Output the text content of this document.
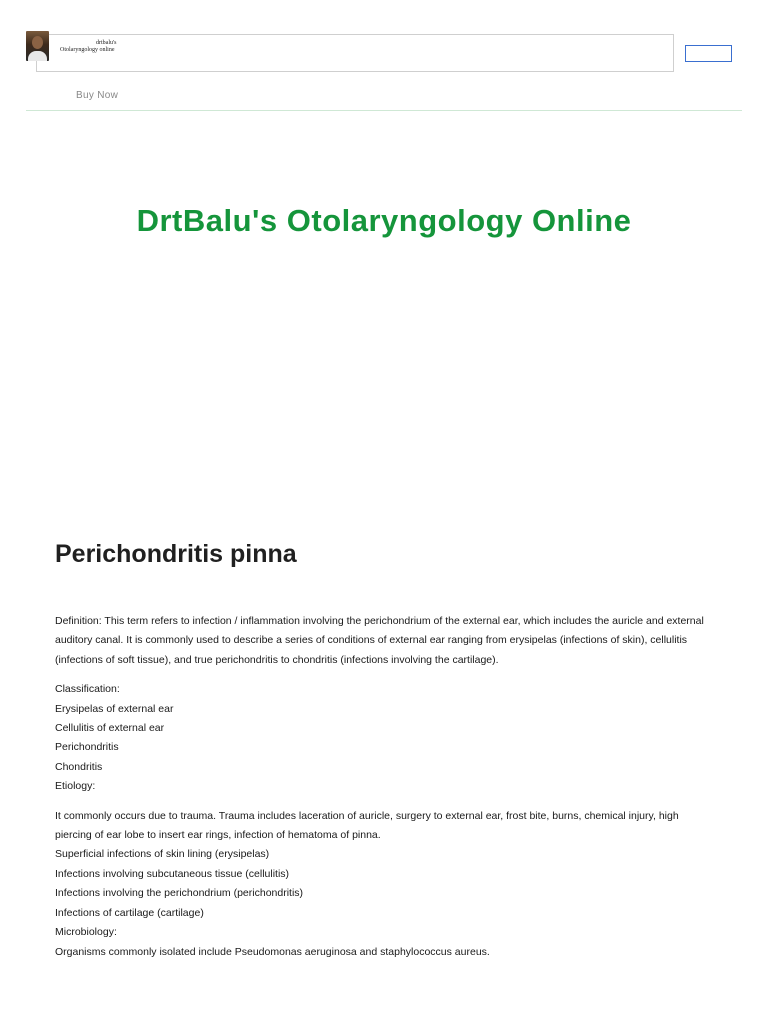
drtbalu's
Otolaryngology online
Buy Now
DrtBalu's Otolaryngology Online
Perichondritis pinna

Definition: This term refers to infection / inflammation involving the perichondrium of the external ear, which includes the auricle and external auditory canal. It is commonly used to describe a series of conditions of external ear ranging from erysipelas (infections of skin), cellulitis (infections of soft tissue), and true perichondritis to chondritis (infections involving the cartilage).

Classification:

Erysipelas of external ear

Cellulitis of external ear

Perichondritis

Chondritis

Etiology:

It commonly occurs due to trauma. Trauma includes laceration of auricle, surgery to external ear, frost bite, burns, chemical injury, high piercing of ear lobe to insert ear rings, infection of hematoma of pinna.

Superficial infections of skin lining (erysipelas)

Infections involving subcutaneous tissue (cellulitis)

Infections involving the perichondrium (perichondritis)

Infections of cartilage (cartilage)

Microbiology:

Organisms commonly isolated include Pseudomonas aeruginosa and staphylococcus aureus.
